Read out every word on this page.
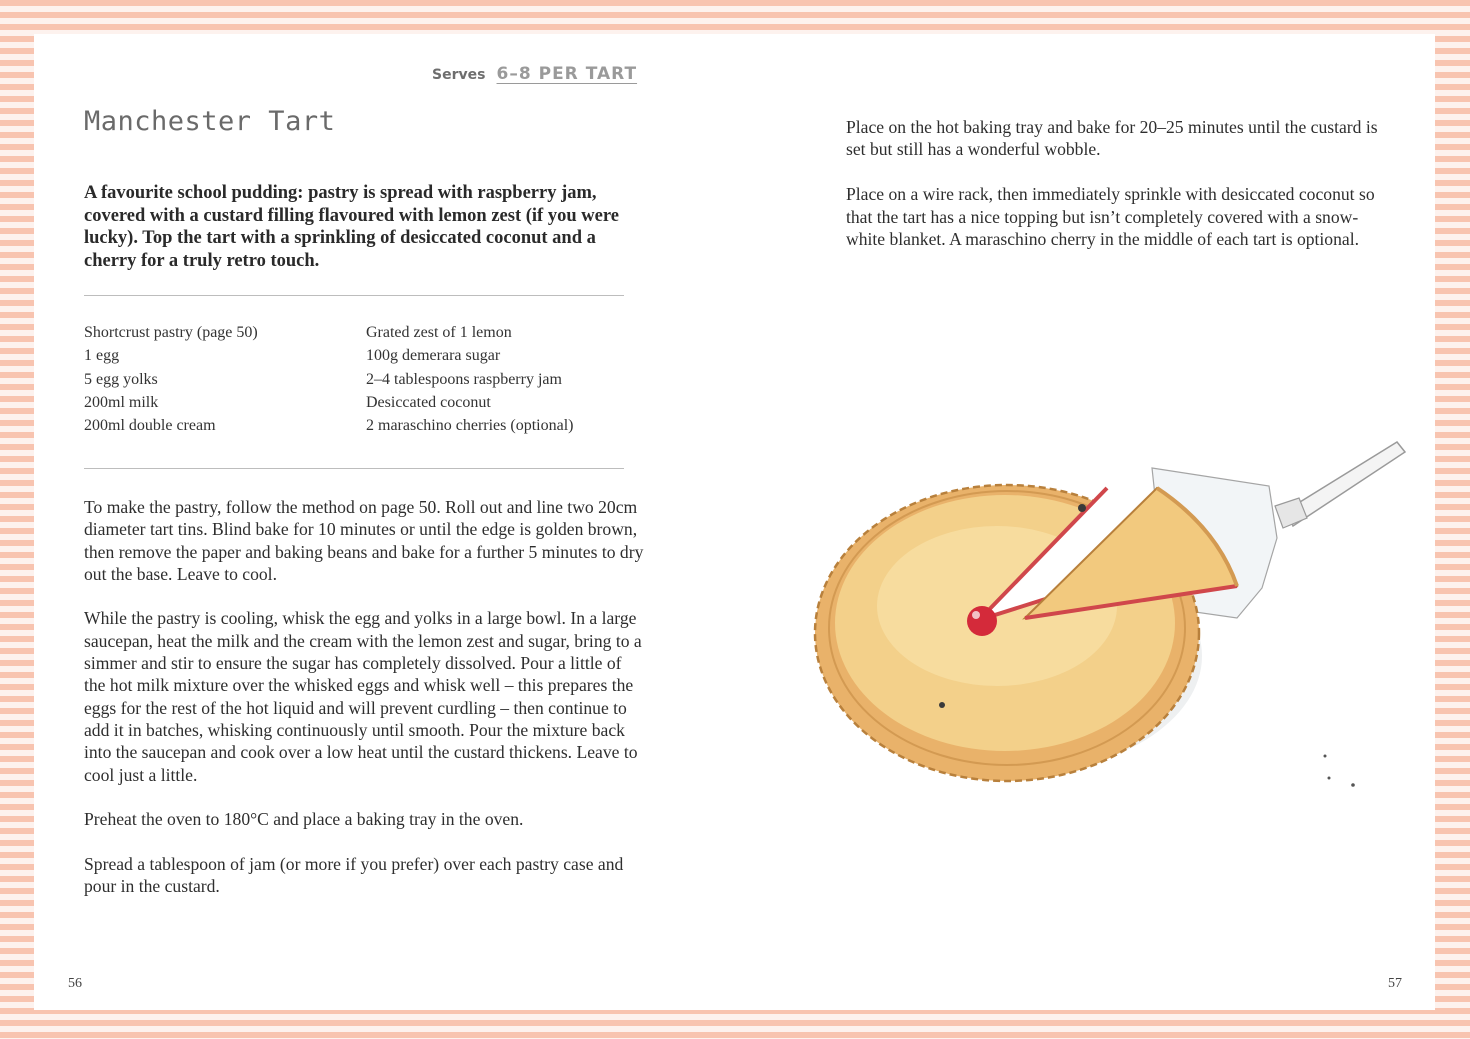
Serves 6–8 PER TART
Manchester Tart

A favourite school pudding: pastry is spread with raspberry jam, covered with a custard filling flavoured with lemon zest (if you were lucky). Top the tart with a sprinkling of desiccated coconut and a cherry for a truly retro touch.

Shortcrust pastry (page 50)
1 egg
5 egg yolks
200ml milk
200ml double cream
Grated zest of 1 lemon
100g demerara sugar
2–4 tablespoons raspberry jam
Desiccated coconut
2 maraschino cherries (optional)

To make the pastry, follow the method on page 50. Roll out and line two 20cm diameter tart tins. Blind bake for 10 minutes or until the edge is golden brown, then remove the paper and baking beans and bake for a further 5 minutes to dry out the base. Leave to cool.

While the pastry is cooling, whisk the egg and yolks in a large bowl. In a large saucepan, heat the milk and the cream with the lemon zest and sugar, bring to a simmer and stir to ensure the sugar has completely dissolved. Pour a little of the hot milk mixture over the whisked eggs and whisk well – this prepares the eggs for the rest of the hot liquid and will prevent curdling – then continue to add it in batches, whisking continuously until smooth. Pour the mixture back into the saucepan and cook over a low heat until the custard thickens. Leave to cool just a little.

Preheat the oven to 180°C and place a baking tray in the oven.

Spread a tablespoon of jam (or more if you prefer) over each pastry case and pour in the custard.

56

Place on the hot baking tray and bake for 20–25 minutes until the custard is set but still has a wonderful wobble.

Place on a wire rack, then immediately sprinkle with desiccated coconut so that the tart has a nice topping but isn’t completely covered with a snow-white blanket. A maraschino cherry in the middle of each tart is optional.

57
